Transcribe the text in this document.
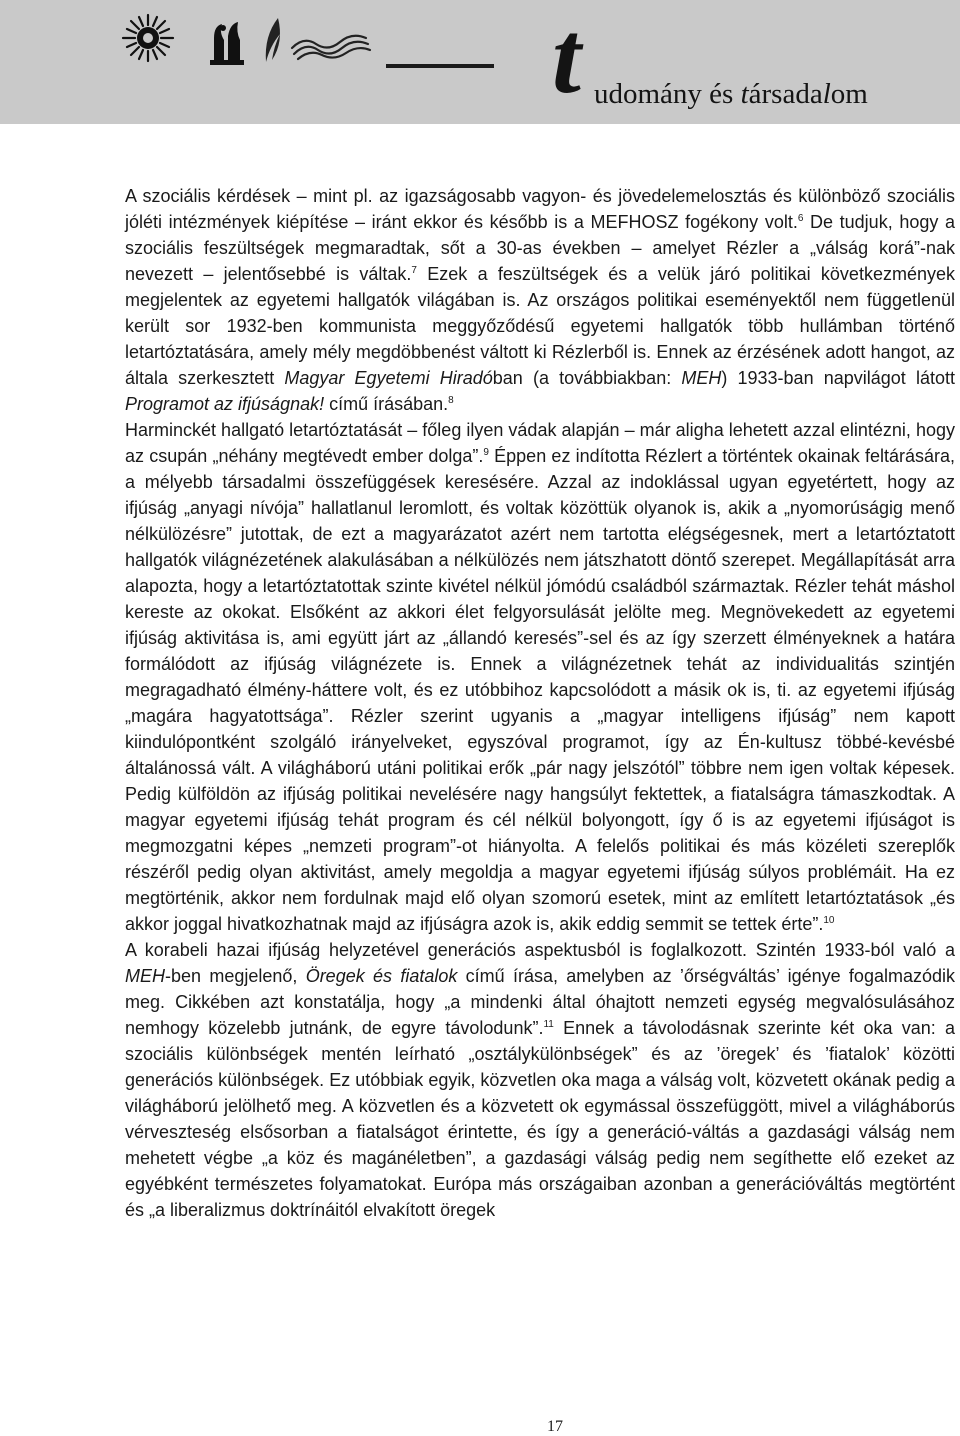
t udomány és társadalom

A szociális kérdések – mint pl. az igazságosabb vagyon- és jövedelemelosztás és különböző szociális jóléti intézmények kiépítése – iránt ekkor és később is a MEFHOSZ fogékony volt.$^6$ De tudjuk, hogy a szociális feszültségek megmaradtak, sőt a 30-as években – amelyet Rézler a „válság korá”-nak nevezett – jelentősebbé is váltak.$^7$ Ezek a feszültségek és a velük járó politikai következmények megjelentek az egyetemi hallgatók világában is. Az országos politikai eseményektől nem függetlenül került sor 1932-ben kommunista meggyőződésű egyetemi hallgatók több hullámban történő letartóztatására, amely mély megdöbbenést váltott ki Rézlerből is. Ennek az érzésének adott hangot, az általa szerkesztett Magyar Egyetemi Hiradóban (a továbbiakban: MEH) 1933-ban napvilágot látott Programot az ifjúságnak! című írásában.$^8$

Harminckét hallgató letartóztatását – főleg ilyen vádak alapján – már aligha lehetett azzal elintézni, hogy az csupán „néhány megtévedt ember dolga”.$^9$ Éppen ez indította Rézlert a történtek okainak feltárására, a mélyebb társadalmi összefüggések keresésére. Azzal az indoklással ugyan egyetértett, hogy az ifjúság „anyagi nívója” hallatlanul leromlott, és voltak közöttük olyanok is, akik a „nyomorúságig menő nélkülözésre” jutottak, de ezt a magyarázatot azért nem tartotta elégségesnek, mert a letartóztatott hallgatók világnézetének alakulásában a nélkülözés nem játszhatott döntő szerepet. Megállapítását arra alapozta, hogy a letartóztatottak szinte kivétel nélkül jómódú családból származtak. Rézler tehát máshol kereste az okokat. Elsőként az akkori élet felgyorsulását jelölte meg. Megnövekedett az egyetemi ifjúság aktivitása is, ami együtt járt az „állandó keresés”-sel és az így szerzett élményeknek a határa formálódott az ifjúság világnézete is. Ennek a világnézetnek tehát az individualitás szintjén megragadható élmény-háttere volt, és ez utóbbihoz kapcsolódott a másik ok is, ti. az egyetemi ifjúság „magára hagyatottsága”. Rézler szerint ugyanis a „magyar intelligens ifjúság” nem kapott kiindulópontként szolgáló irányelveket, egyszóval programot, így az Én-kultusz többé-kevésbé általánossá vált. A világháború utáni politikai erők „pár nagy jelszótól” többre nem igen voltak képesek. Pedig külföldön az ifjúság politikai nevelésére nagy hangsúlyt fektettek, a fiatalságra támaszkodtak. A magyar egyetemi ifjúság tehát program és cél nélkül bolyongott, így ő is az egyetemi ifjúságot is megmozgatni képes „nemzeti program”-ot hiányolta. A felelős politikai és más közéleti szereplők részéről pedig olyan aktivitást, amely megoldja a magyar egyetemi ifjúság súlyos problémáit. Ha ez megtörténik, akkor nem fordulnak majd elő olyan szomorú esetek, mint az említett letartóztatások „és akkor joggal hivatkozhatnak majd az ifjúságra azok is, akik eddig semmit se tettek érte”.$^{10}$

A korabeli hazai ifjúság helyzetével generációs aspektusból is foglalkozott. Szintén 1933-ból való a MEH-ben megjelenő, Öregek és fiatalok című írása, amelyben az ’őrségváltás’ igénye fogalmazódik meg. Cikkében azt konstatálja, hogy „a mindenki által óhajtott nemzeti egység megvalósulásához nemhogy közelebb jutnánk, de egyre távolodunk”.$^{11}$ Ennek a távolodásnak szerinte két oka van: a szociális különbségek mentén leírható „osztálykülönbségek” és az ’öregek’ és ’fiatalok’ közötti generációs különbségek. Ez utóbbiak egyik, közvetlen oka maga a válság volt, közvetett okának pedig a világháború jelölhető meg. A közvetlen és a közvetett ok egymással összefüggött, mivel a világháborús vérveszteség elsősorban a fiatalságot érintette, és így a generáció-váltás a gazdasági válság nem mehetett végbe „a köz és magánéletben”, a gazdasági válság pedig nem segíthette elő ezeket az egyébként természetes folyamatokat. Európa más országaiban azonban a generációváltás megtörtént és „a liberalizmus doktrínáitól elvakított öregek

17
